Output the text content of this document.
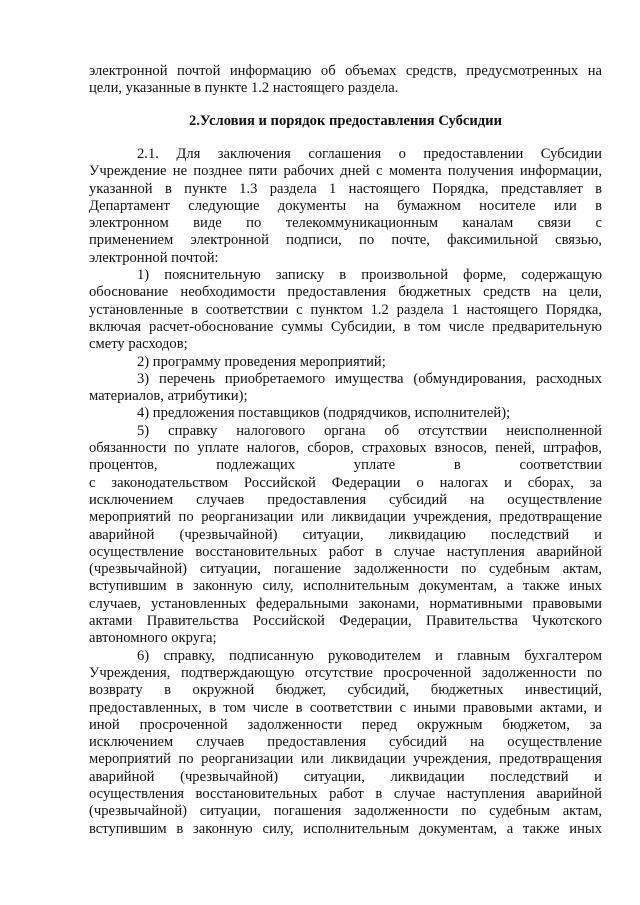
электронной почтой информацию об объемах средств, предусмотренных на
цели, указанные в пункте 1.2 настоящего раздела.
2.Условия и порядок предоставления Субсидии
2.1. Для заключения соглашения о предоставлении Субсидии
Учреждение не позднее пяти рабочих дней с момента получения информации,
указанной в пункте 1.3 раздела 1 настоящего Порядка, представляет в
Департамент следующие документы на бумажном носителе или в
электронном виде по телекоммуникационным каналам связи с
применением электронной подписи, по почте, факсимильной связью,
электронной почтой:
1) пояснительную записку в произвольной форме, содержащую
обоснование необходимости предоставления бюджетных средств на цели,
установленные в соответствии с пунктом 1.2 раздела 1 настоящего Порядка,
включая расчет-обоснование суммы Субсидии, в том числе предварительную
смету расходов;
2) программу проведения мероприятий;
3) перечень приобретаемого имущества (обмундирования, расходных
материалов, атрибутики);
4) предложения поставщиков (подрядчиков, исполнителей);
5) справку налогового органа об отсутствии неисполненной
обязанности по уплате налогов, сборов, страховых взносов, пеней, штрафов,
процентов, подлежащих уплате в соответствии
с законодательством Российской Федерации о налогах и сборах, за
исключением случаев предоставления субсидий на осуществление
мероприятий по реорганизации или ликвидации учреждения, предотвращение
аварийной (чрезвычайной) ситуации, ликвидацию последствий и
осуществление восстановительных работ в случае наступления аварийной
(чрезвычайной) ситуации, погашение задолженности по судебным актам,
вступившим в законную силу, исполнительным документам, а также иных
случаев, установленных федеральными законами, нормативными правовыми
актами Правительства Российской Федерации, Правительства Чукотского
автономного округа;
6) справку, подписанную руководителем и главным бухгалтером
Учреждения, подтверждающую отсутствие просроченной задолженности по
возврату в окружной бюджет, субсидий, бюджетных инвестиций,
предоставленных, в том числе в соответствии с иными правовыми актами, и
иной просроченной задолженности перед окружным бюджетом, за
исключением случаев предоставления субсидий на осуществление
мероприятий по реорганизации или ликвидации учреждения, предотвращения
аварийной (чрезвычайной) ситуации, ликвидации последствий и
осуществления восстановительных работ в случае наступления аварийной
(чрезвычайной) ситуации, погашения задолженности по судебным актам,
вступившим в законную силу, исполнительным документам, а также иных
